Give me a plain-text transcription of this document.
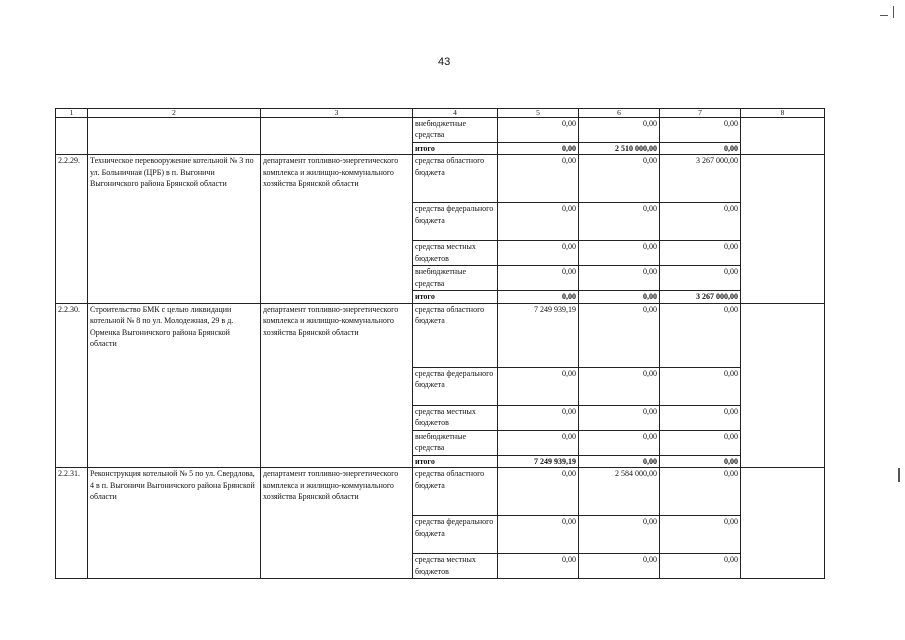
43
1	2	3	4	5	6	7	8
			внебюджетные средства	0,00	0,00	0,00	
			итого	0,00	2 510 000,00	0,00	
2.2.29.	Техническое перевооружение котельной № 3 по ул. Больничная (ЦРБ) в п. Выгоничи Выгоничского района Брянской области	департамент топливно-энергетического комплекса и жилищно-коммунального хозяйства Брянской области	средства областного бюджета	0,00	0,00	3 267 000,00	
			средства федерального бюджета	0,00	0,00	0,00	
			средства местных бюджетов	0,00	0,00	0,00	
			внебюджетные средства	0,00	0,00	0,00	
			итого	0,00	0,00	3 267 000,00	
2.2.30.	Строительство БМК с целью ликвидации котельной № 8 по ул. Молодежная, 29 в д. Орменка Выгоничского района Брянской области	департамент топливно-энергетического комплекса и жилищно-коммунального хозяйства Брянской области	средства областного бюджета	7 249 939,19	0,00	0,00	
			средства федерального бюджета	0,00	0,00	0,00	
			средства местных бюджетов	0,00	0,00	0,00	
			внебюджетные средства	0,00	0,00	0,00	
			итого	7 249 939,19	0,00	0,00	
2.2.31.	Реконструкция котельной № 5 по ул. Свердлова, 4 в п. Выгоничи Выгоничского района Брянской области	департамент топливно-энергетического комплекса и жилищно-коммунального хозяйства Брянской области	средства областного бюджета	0,00	2 584 000,00	0,00	
			средства федерального бюджета	0,00	0,00	0,00	
			средства местных бюджетов	0,00	0,00	0,00	
